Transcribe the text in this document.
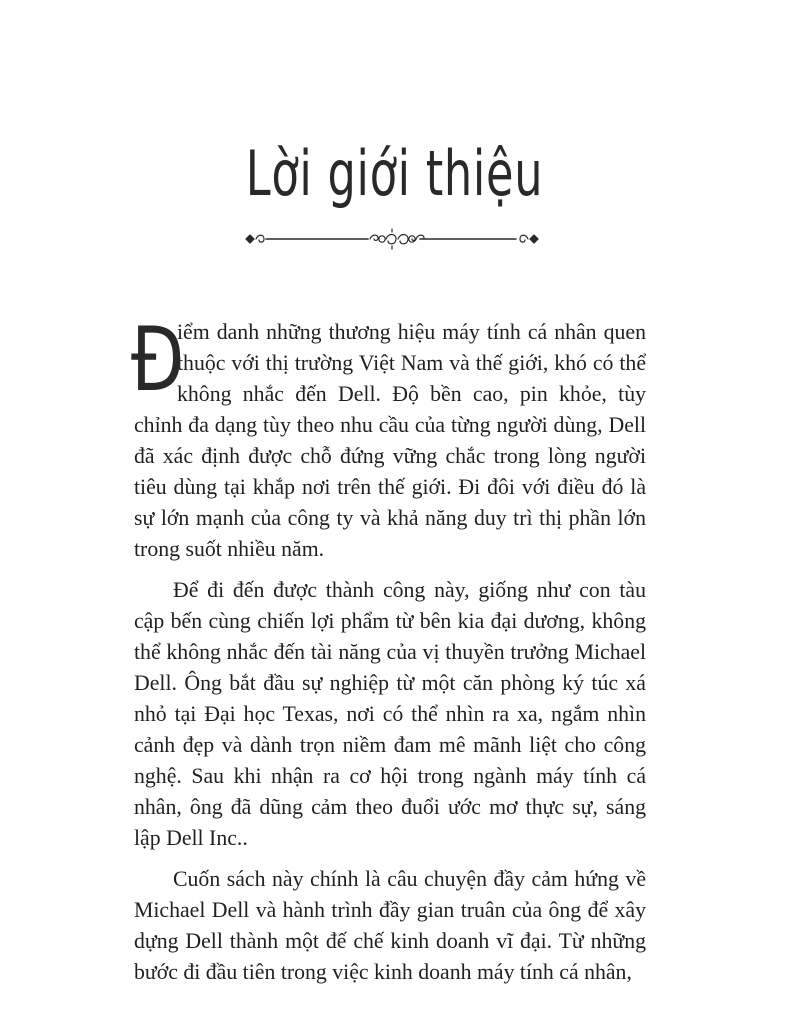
Lời giới thiệu

Đ
iểm danh những thương hiệu máy tính cá nhân quen thuộc với thị trường Việt Nam và thế giới, khó có thể không nhắc đến Dell. Độ bền cao, pin khỏe, tùy chỉnh đa dạng tùy theo nhu cầu của từng người dùng, Dell đã xác định được chỗ đứng vững chắc trong lòng người tiêu dùng tại khắp nơi trên thế giới. Đi đôi với điều đó là sự lớn mạnh của công ty và khả năng duy trì thị phần lớn trong suốt nhiều năm.

Để đi đến được thành công này, giống như con tàu cập bến cùng chiến lợi phẩm từ bên kia đại dương, không thể không nhắc đến tài năng của vị thuyền trưởng Michael Dell. Ông bắt đầu sự nghiệp từ một căn phòng ký túc xá nhỏ tại Đại học Texas, nơi có thể nhìn ra xa, ngắm nhìn cảnh đẹp và dành trọn niềm đam mê mãnh liệt cho công nghệ. Sau khi nhận ra cơ hội trong ngành máy tính cá nhân, ông đã dũng cảm theo đuổi ước mơ thực sự, sáng lập Dell Inc..

Cuốn sách này chính là câu chuyện đầy cảm hứng về Michael Dell và hành trình đầy gian truân của ông để xây dựng Dell thành một đế chế kinh doanh vĩ đại. Từ những bước đi đầu tiên trong việc kinh doanh máy tính cá nhân,
